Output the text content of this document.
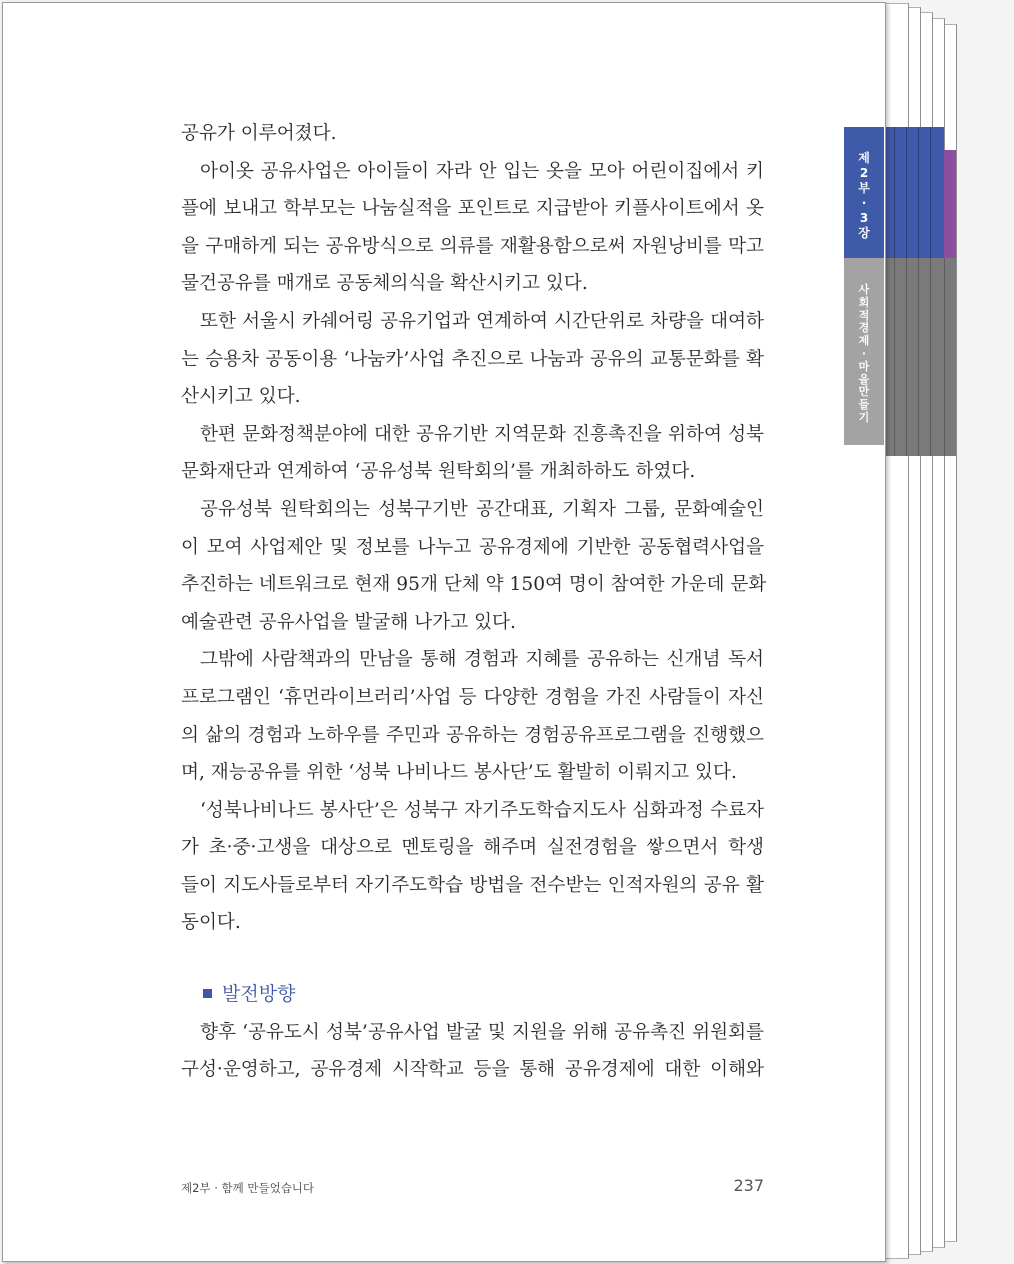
제
2
부
·
3
장
사
회
적
경
제
·
마
을
만
들
기
공유가 이루어졌다.
아이옷 공유사업은 아이들이 자라 안 입는 옷을 모아 어린이집에서 키
플에 보내고 학부모는 나눔실적을 포인트로 지급받아 키플사이트에서 옷
을 구매하게 되는 공유방식으로 의류를 재활용함으로써 자원낭비를 막고
물건공유를 매개로 공동체의식을 확산시키고 있다.
또한 서울시 카쉐어링 공유기업과 연계하여 시간단위로 차량을 대여하
는 승용차 공동이용 ‘나눔카’사업 추진으로 나눔과 공유의 교통문화를 확
산시키고 있다.
한편 문화정책분야에 대한 공유기반 지역문화 진흥촉진을 위하여 성북
문화재단과 연계하여 ‘공유성북 원탁회의’를 개최하하도 하였다.
공유성북 원탁회의는 성북구기반 공간대표, 기획자 그룹, 문화예술인
이 모여 사업제안 및 정보를 나누고 공유경제에 기반한 공동협력사업을
추진하는 네트워크로 현재 95개 단체 약 150여 명이 참여한 가운데 문화
예술관련 공유사업을 발굴해 나가고 있다.
그밖에 사람책과의 만남을 통해 경험과 지혜를 공유하는 신개념 독서
프로그램인 ‘휴먼라이브러리’사업 등 다양한 경험을 가진 사람들이 자신
의 삶의 경험과 노하우를 주민과 공유하는 경험공유프로그램을 진행했으
며, 재능공유를 위한 ‘성북 나비나드 봉사단’도 활발히 이뤄지고 있다.
‘성북나비나드 봉사단’은 성북구 자기주도학습지도사 심화과정 수료자
가 초·중·고생을 대상으로 멘토링을 해주며 실전경험을 쌓으면서 학생
들이 지도사들로부터 자기주도학습 방법을 전수받는 인적자원의 공유 활
동이다.
발전방향
향후 ‘공유도시 성북’공유사업 발굴 및 지원을 위해 공유촉진 위원회를
구성·운영하고, 공유경제 시작학교 등을 통해 공유경제에 대한 이해와
제2부 · 함께 만들었습니다	237
